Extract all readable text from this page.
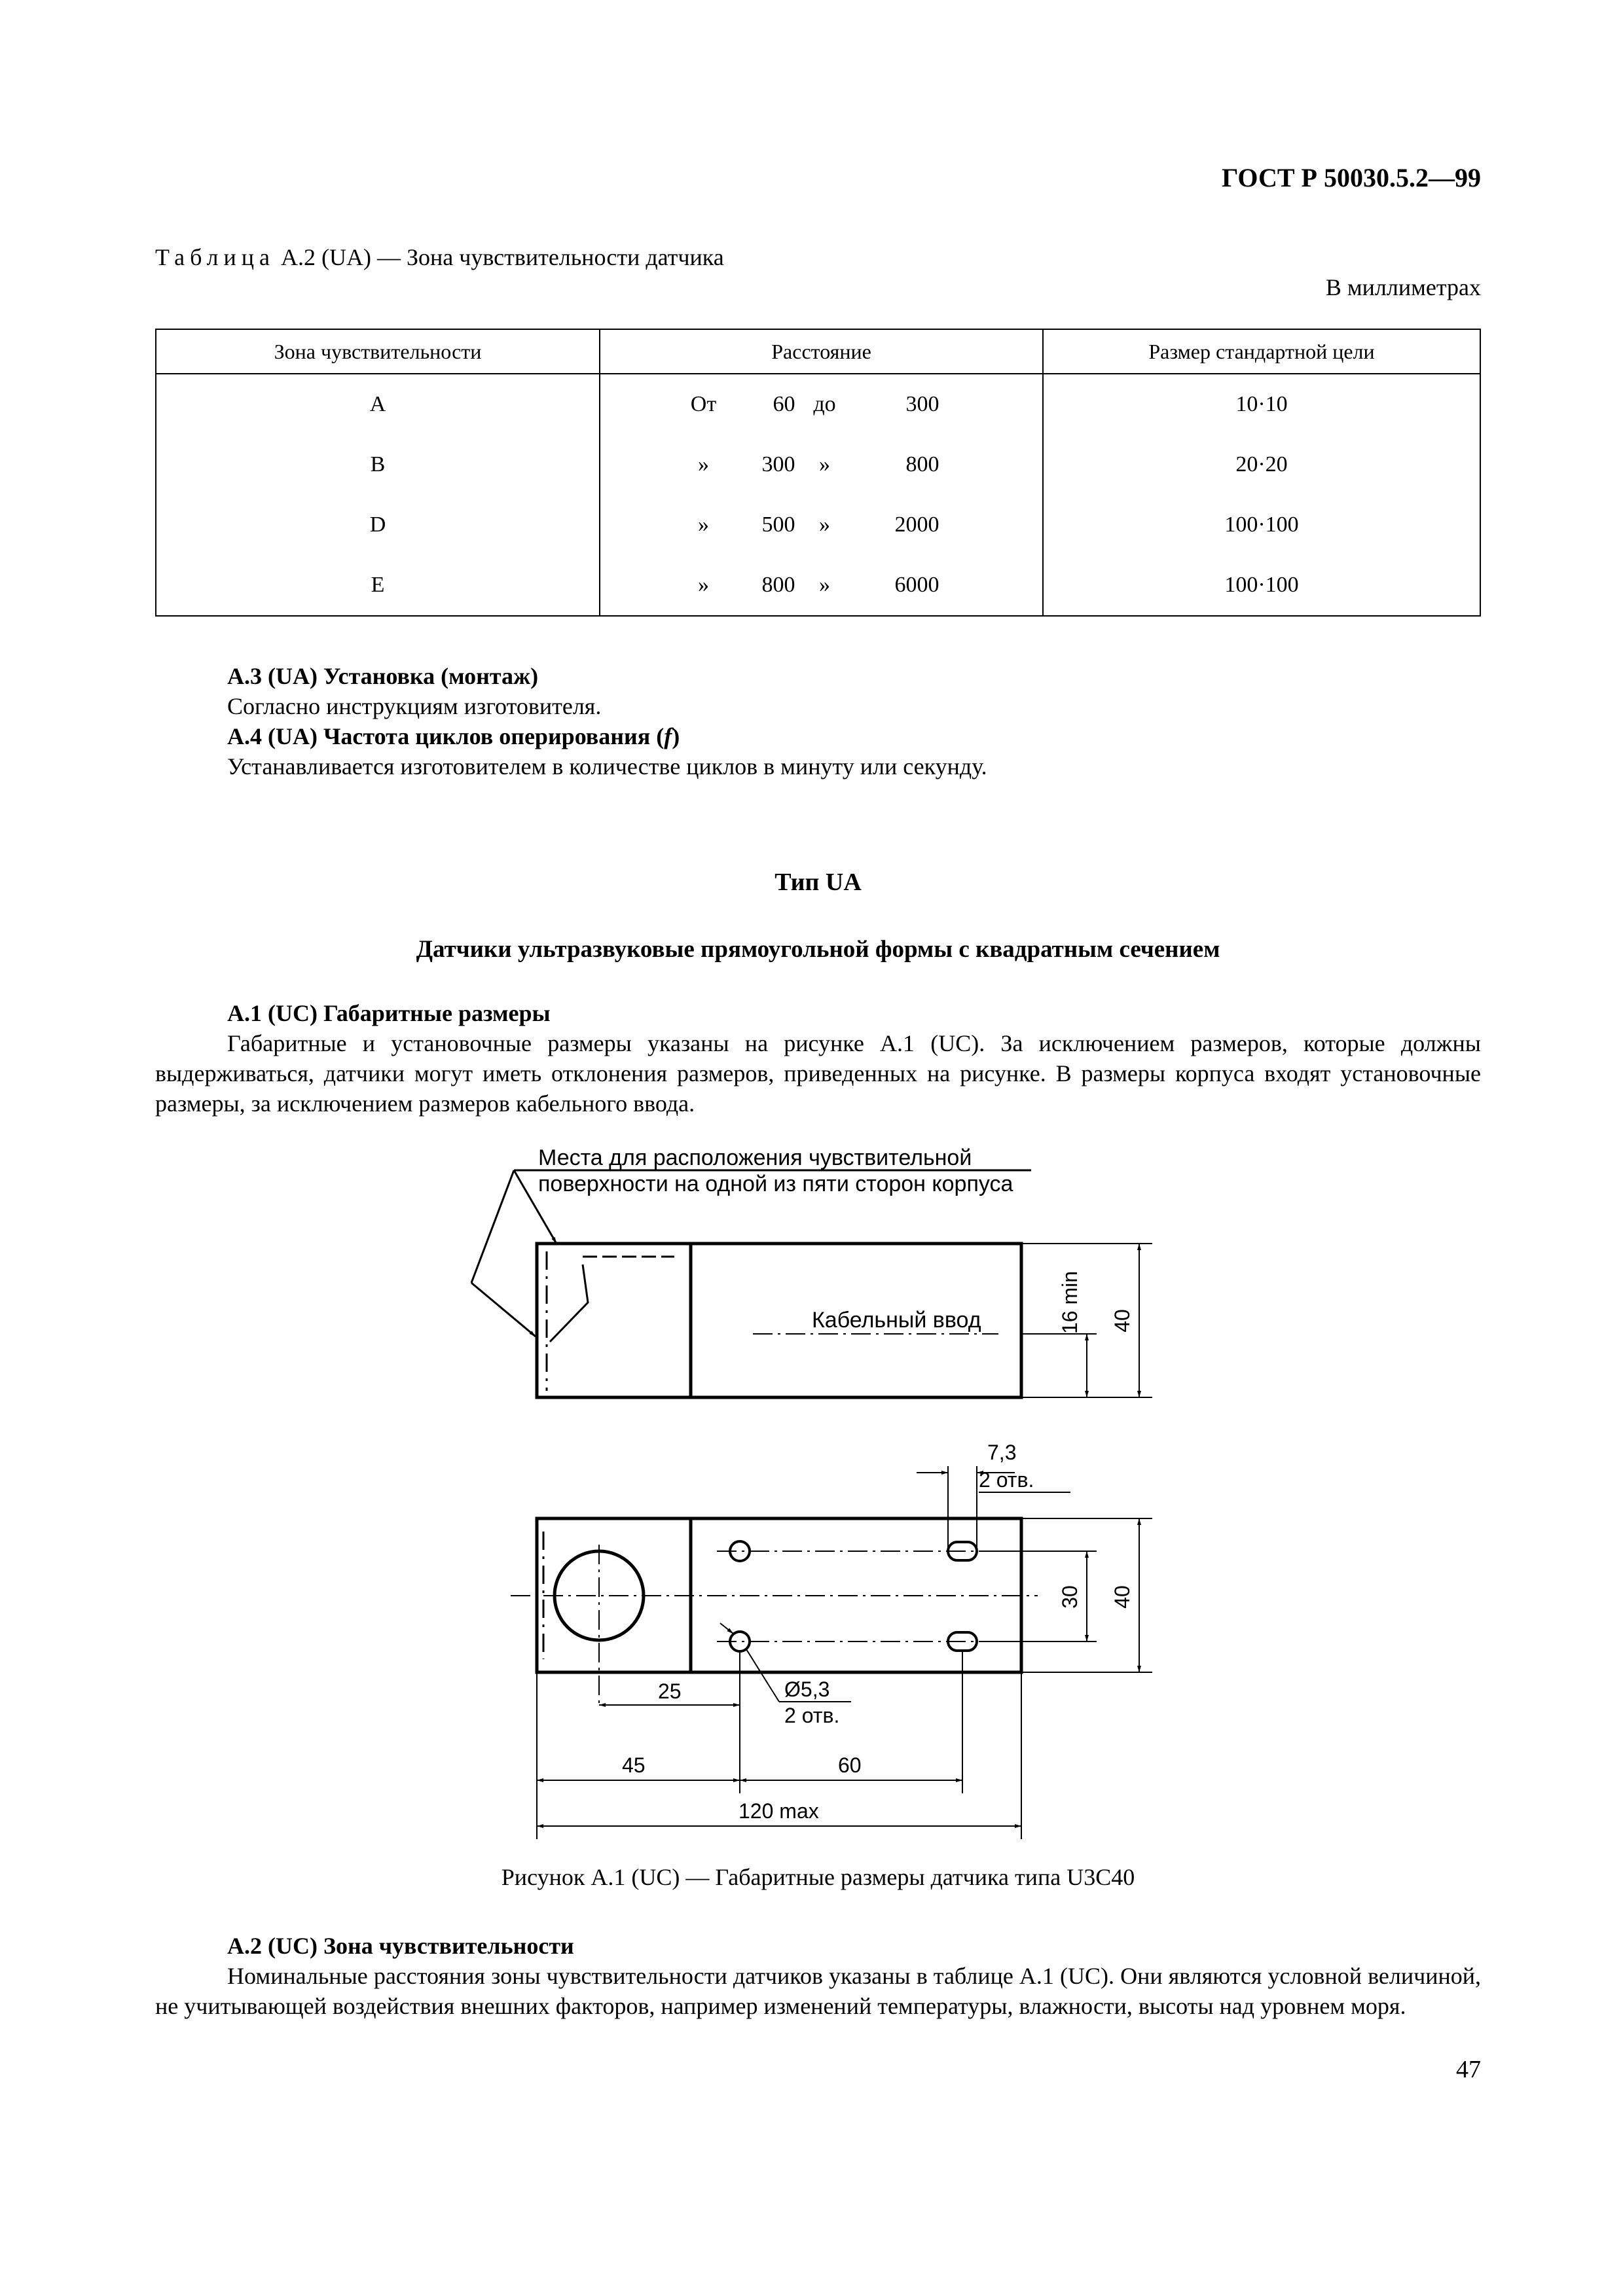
ГОСТ Р 50030.5.2—99
Таблица А.2 (UA) — Зона чувствительности датчика
В миллиметрах
Зона чувствительности	Расстояние	Размер стандартной цели
A	От 60 до 300	10·10
B	» 300 » 800	20·20
D	» 500 » 2000	100·100
E	» 800 » 6000	100·100
А.3 (UA) Установка (монтаж)
Согласно инструкциям изготовителя.
А.4 (UA) Частота циклов оперирования (f)
Устанавливается изготовителем в количестве циклов в минуту или секунду.
Тип UA
Датчики ультразвуковые прямоугольной формы с квадратным сечением
А.1 (UC) Габаритные размеры
Габаритные и установочные размеры указаны на рисунке А.1 (UC). За исключением размеров, которые должны выдерживаться, датчики могут иметь отклонения размеров, приведенных на рисунке. В размеры корпуса входят установочные размеры, за исключением размеров кабельного ввода.
Места для расположения чувствительной
поверхности на одной из пяти сторон корпуса
Кабельный ввод	16 min 40
7,3
2 отв.
30 40
25	Ø5,3
2 отв.
45	60
120 max
Рисунок А.1 (UC) — Габаритные размеры датчика типа U3C40
А.2 (UC) Зона чувствительности
Номинальные расстояния зоны чувствительности датчиков указаны в таблице А.1 (UC). Они являются условной величиной, не учитывающей воздействия внешних факторов, например изменений температуры, влажности, высоты над уровнем моря.
47
